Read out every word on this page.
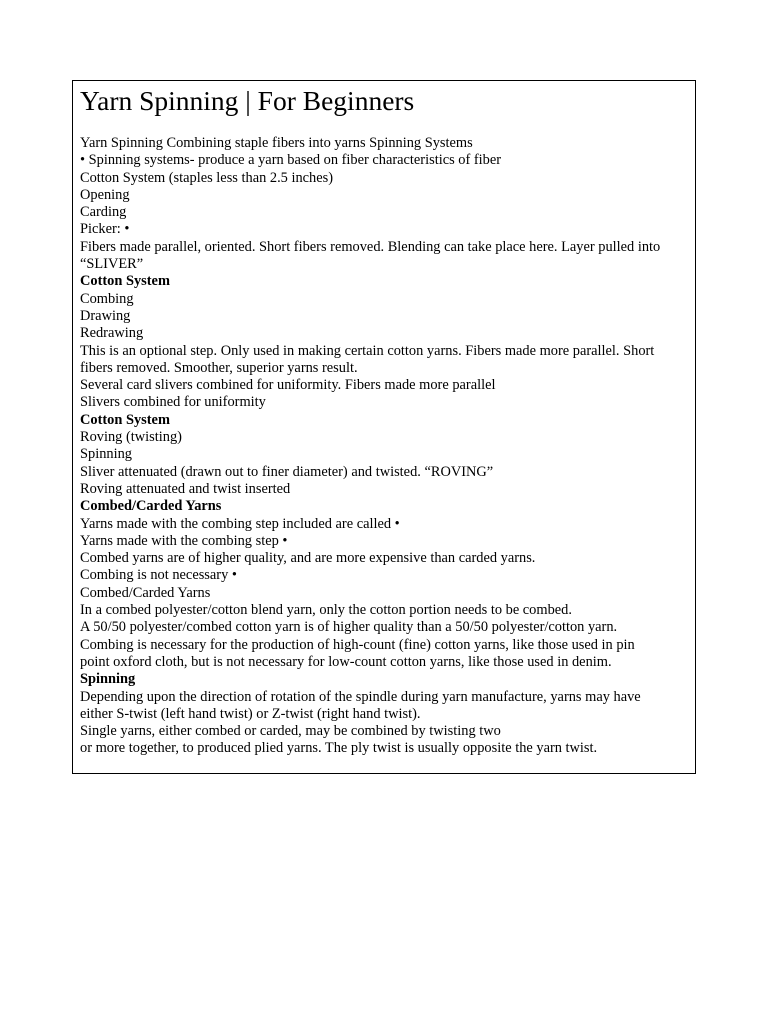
Yarn Spinning | For Beginners
Yarn Spinning Combining staple fibers into yarns Spinning Systems
• Spinning systems- produce a yarn based on fiber characteristics of fiber
Cotton System (staples less than 2.5 inches)
Opening
Carding
Picker: •
Fibers made parallel, oriented. Short fibers removed. Blending can take place here. Layer pulled into
“SLIVER”
Cotton System
Combing
Drawing
Redrawing
This is an optional step. Only used in making certain cotton yarns. Fibers made more parallel. Short
fibers removed. Smoother, superior yarns result.
Several card slivers combined for uniformity. Fibers made more parallel
Slivers combined for uniformity
Cotton System
Roving (twisting)
Spinning
Sliver attenuated (drawn out to finer diameter) and twisted. “ROVING”
Roving attenuated and twist inserted
Combed/Carded Yarns
Yarns made with the combing step included are called •
Yarns made with the combing step •
Combed yarns are of higher quality, and are more expensive than carded yarns.
Combing is not necessary •
Combed/Carded Yarns
In a combed polyester/cotton blend yarn, only the cotton portion needs to be combed.
A 50/50 polyester/combed cotton yarn is of higher quality than a 50/50 polyester/cotton yarn.
Combing is necessary for the production of high-count (fine) cotton yarns, like those used in pin
point oxford cloth, but is not necessary for low-count cotton yarns, like those used in denim.
Spinning
Depending upon the direction of rotation of the spindle during yarn manufacture, yarns may have
either S-twist (left hand twist) or Z-twist (right hand twist).
Single yarns, either combed or carded, may be combined by twisting two
or more together, to produced plied yarns. The ply twist is usually opposite the yarn twist.
